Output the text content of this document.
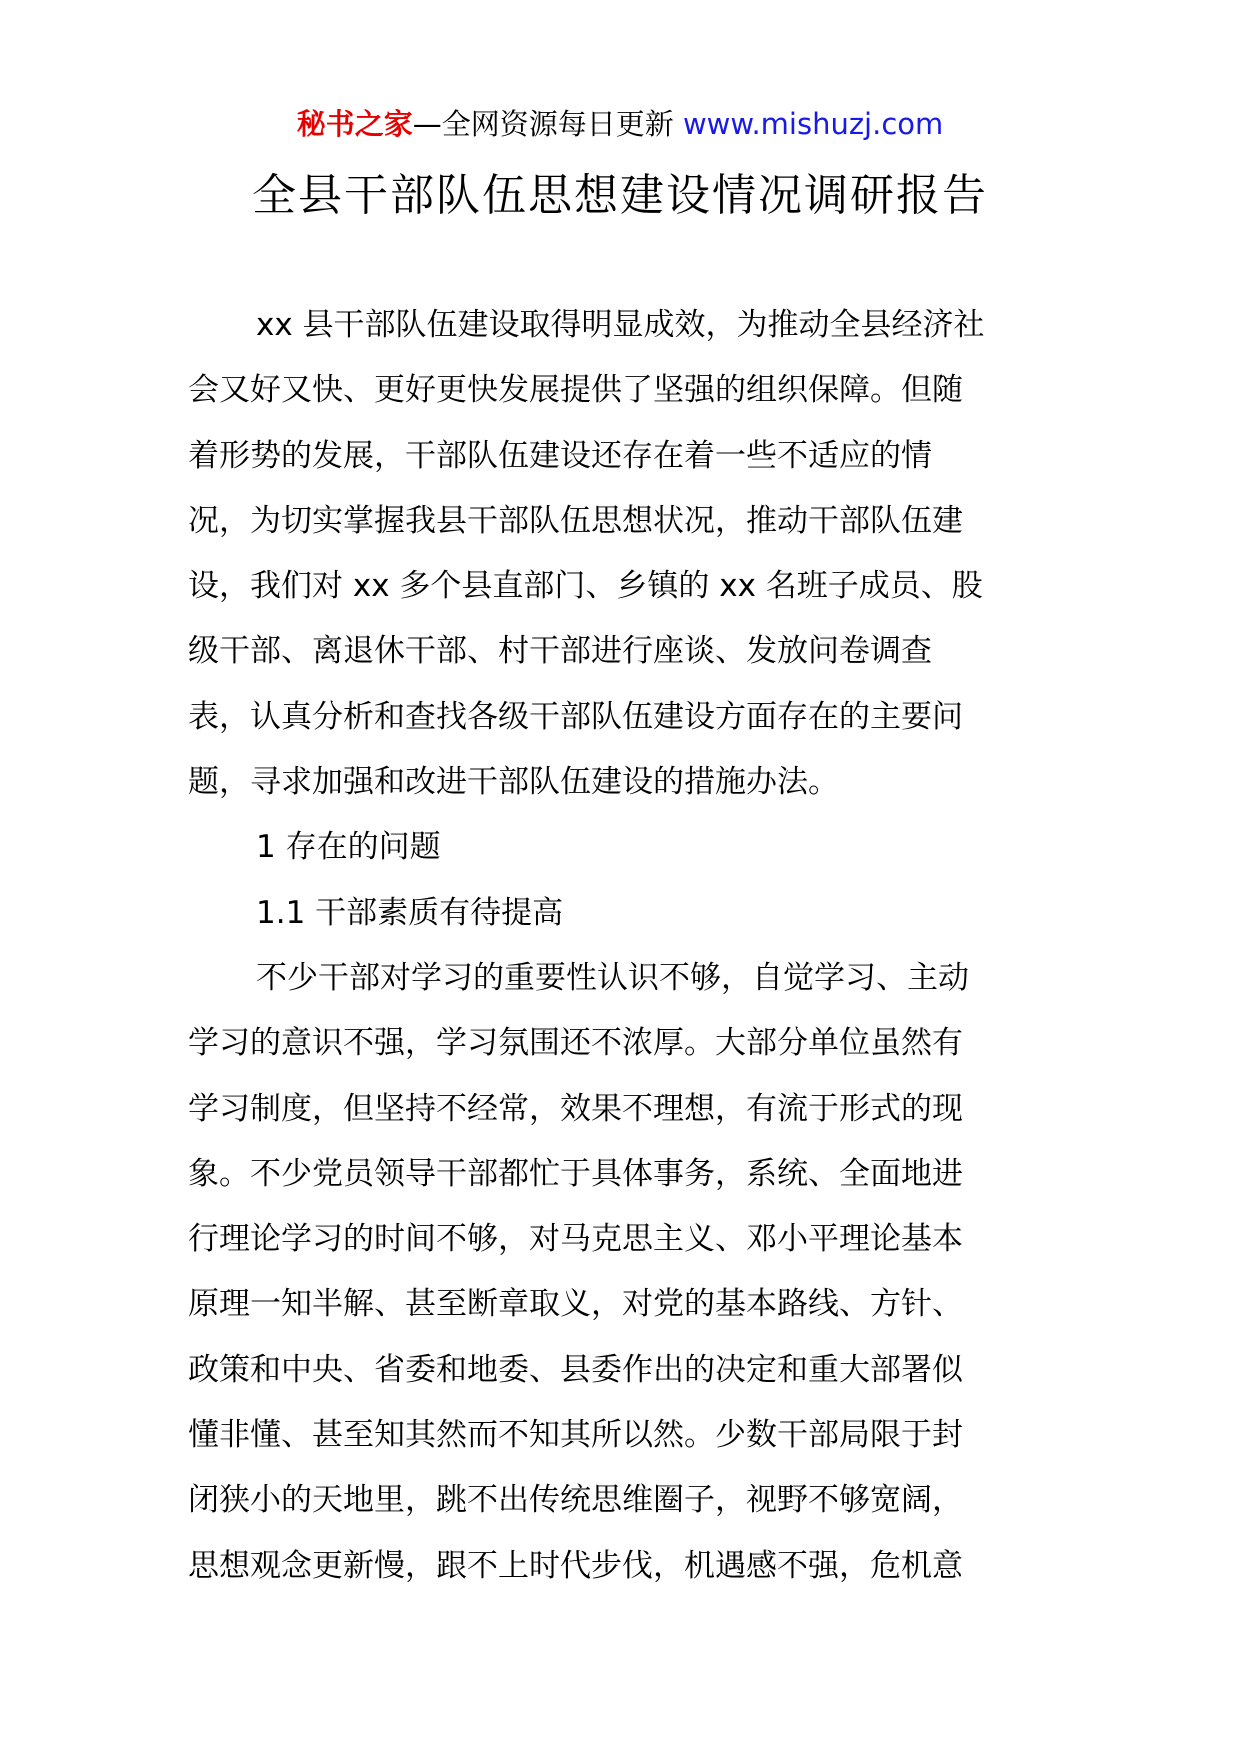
秘书之家—全网资源每日更新 www.mishuzj.com
全县干部队伍思想建设情况调研报告
xx 县干部队伍建设取得明显成效，为推动全县经济社
会又好又快、更好更快发展提供了坚强的组织保障。但随
着形势的发展，干部队伍建设还存在着一些不适应的情
况，为切实掌握我县干部队伍思想状况，推动干部队伍建
设，我们对 xx 多个县直部门、乡镇的 xx 名班子成员、股
级干部、离退休干部、村干部进行座谈、发放问卷调查
表，认真分析和查找各级干部队伍建设方面存在的主要问
题，寻求加强和改进干部队伍建设的措施办法。
1 存在的问题
1.1 干部素质有待提高
不少干部对学习的重要性认识不够，自觉学习、主动
学习的意识不强，学习氛围还不浓厚。大部分单位虽然有
学习制度，但坚持不经常，效果不理想，有流于形式的现
象。不少党员领导干部都忙于具体事务，系统、全面地进
行理论学习的时间不够，对马克思主义、邓小平理论基本
原理一知半解、甚至断章取义，对党的基本路线、方针、
政策和中央、省委和地委、县委作出的决定和重大部署似
懂非懂、甚至知其然而不知其所以然。少数干部局限于封
闭狭小的天地里，跳不出传统思维圈子，视野不够宽阔，
思想观念更新慢，跟不上时代步伐，机遇感不强，危机意
